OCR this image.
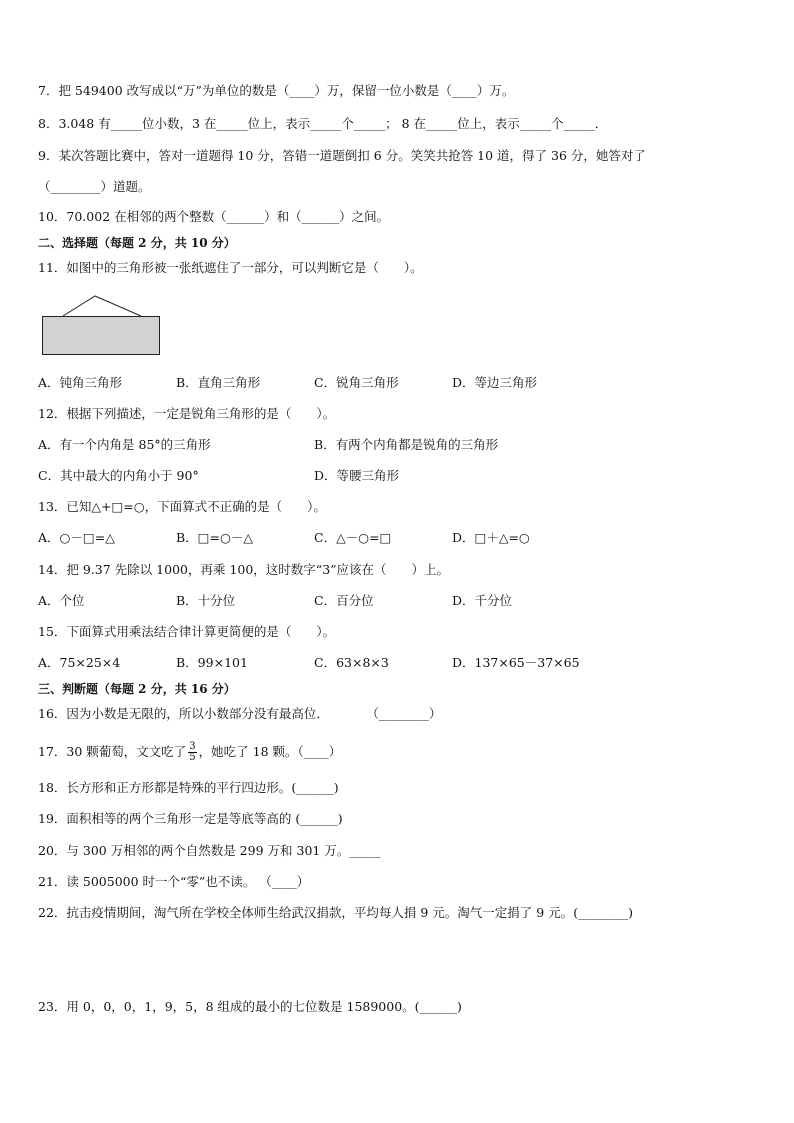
7．把 549400 改写成以“万”为单位的数是（____）万，保留一位小数是（____）万。
8．3.048 有_____位小数，3 在_____位上，表示_____个_____； 8 在_____位上，表示_____个_____．
9．某次答题比赛中，答对一道题得 10 分，答错一道题倒扣 6 分。笑笑共抢答 10 道，得了 36 分，她答对了
（________）道题。
10．70.002 在相邻的两个整数（______）和（______）之间。
二、选择题（每题 2 分，共 10 分）
11．如图中的三角形被一张纸遮住了一部分，可以判断它是（　　）。
A．钝角三角形	B．直角三角形	C．锐角三角形	D．等边三角形
12．根据下列描述，一定是锐角三角形的是（　　）。
A．有一个内角是 85°的三角形	B．有两个内角都是锐角的三角形
C．其中最大的内角小于 90°	D．等腰三角形
13．已知△+□=○，下面算式不正确的是（　　）。
A．○－□=△	B．□=○－△	C．△－○=□	D．□＋△=○
14．把 9.37 先除以 1000，再乘 100，这时数字“3”应该在（　　）上。
A．个位	B．十分位	C．百分位	D．千分位
15．下面算式用乘法结合律计算更简便的是（　　）。
A．75×25×4	B．99×101	C．63×8×3	D．137×65－37×65
三、判断题（每题 2 分，共 16 分）
16．因为小数是无限的，所以小数部分没有最高位．　　　　（________）
17．30 颗葡萄，文文吃了 $\frac{3}{5}$ ，她吃了 18 颗。（____）
18．长方形和正方形都是特殊的平行四边形。(______)
19．面积相等的两个三角形一定是等底等高的 (______)
20．与 300 万相邻的两个自然数是 299 万和 301 万。_____
21．读 5005000 时一个“零”也不读。 （____）
22．抗击疫情期间，淘气所在学校全体师生给武汉捐款，平均每人捐 9 元。淘气一定捐了 9 元。(________)
23．用 0，0，0，1，9，5，8 组成的最小的七位数是 1589000。(______)
